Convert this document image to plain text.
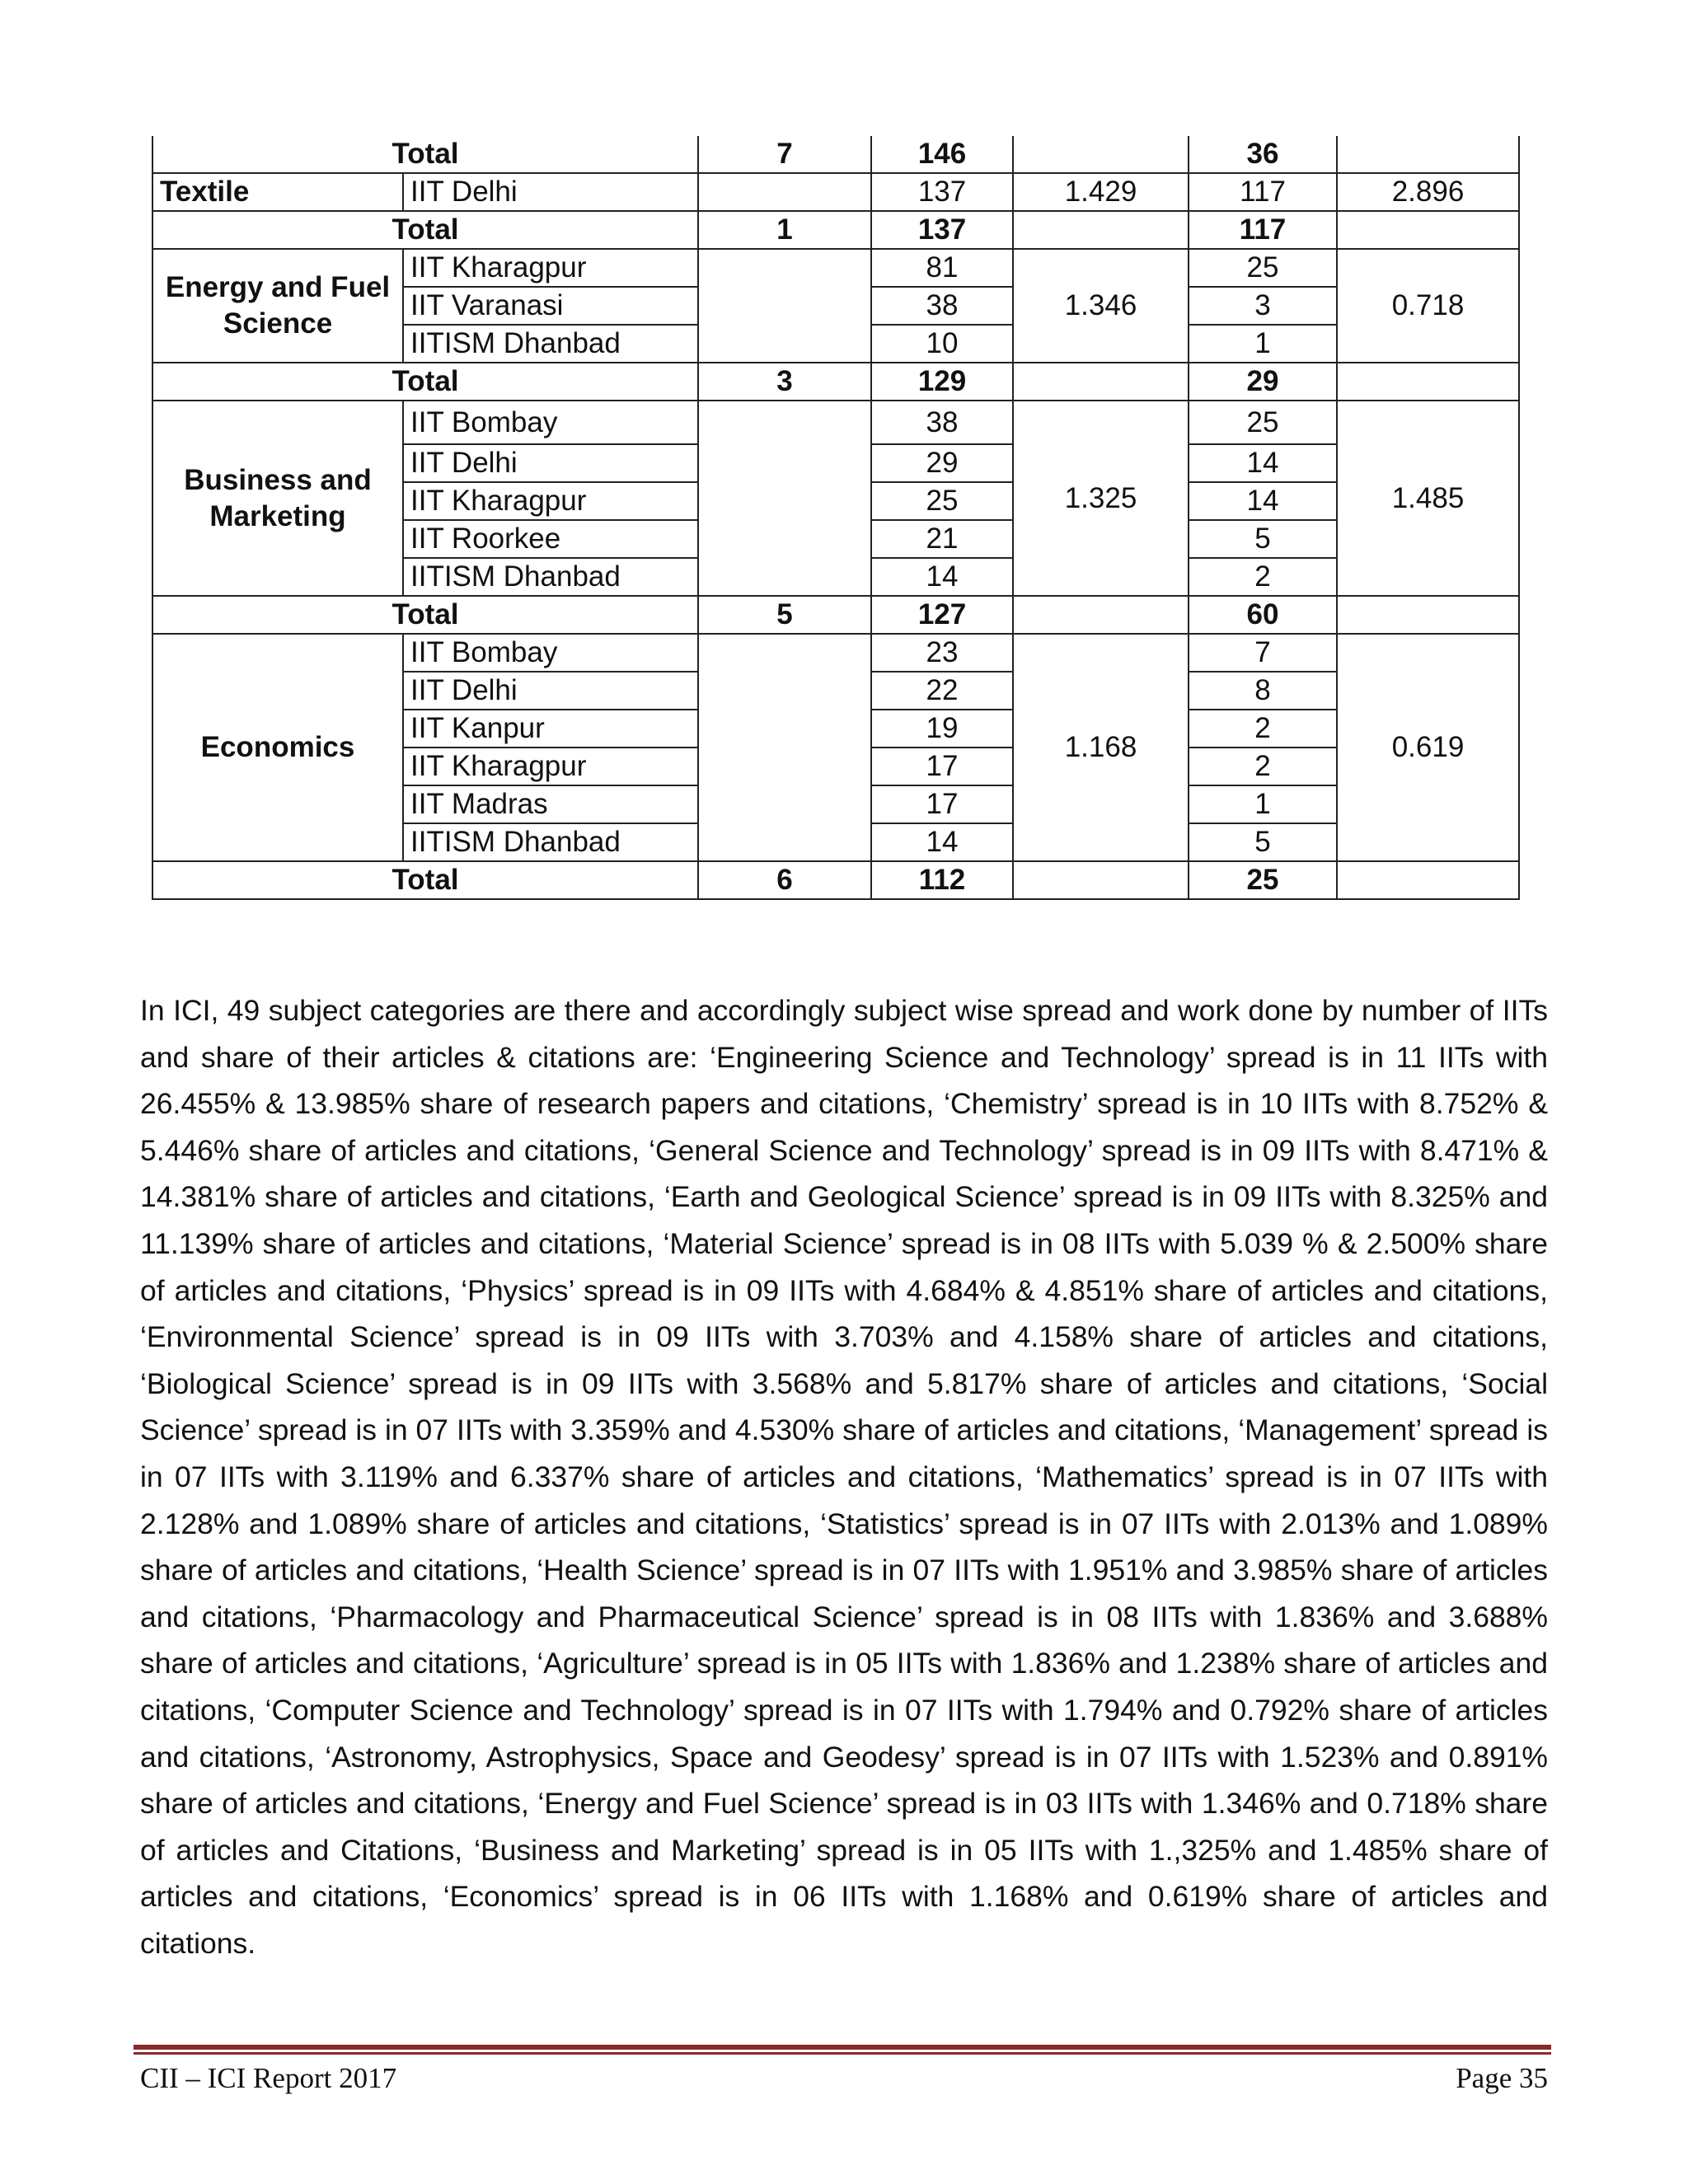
Total		7	146		36	
Textile	IIT Delhi		137	1.429	117	2.896
Total		1	137		117	
Energy and Fuel Science	IIT Kharagpur		81	1.346	25	0.718
	IIT Varanasi		38		3	
	IITISM Dhanbad		10		1	
Total		3	129		29	
Business and Marketing	IIT Bombay		38	1.325	25	1.485
	IIT Delhi		29		14	
	IIT Kharagpur		25		14	
	IIT Roorkee		21		5	
	IITISM Dhanbad		14		2	
Total		5	127		60	
Economics	IIT Bombay		23	1.168	7	0.619
	IIT Delhi		22		8	
	IIT Kanpur		19		2	
	IIT Kharagpur		17		2	
	IIT Madras		17		1	
	IITISM Dhanbad		14		5	
Total		6	112		25	

In ICI, 49 subject categories are there and accordingly subject wise spread and work done by number of IITs and share of their articles & citations are: ‘Engineering Science and Technology’ spread is in 11 IITs with 26.455% & 13.985% share of research papers and citations, ‘Chemistry’ spread is in 10 IITs with 8.752% & 5.446% share of articles and citations, ‘General Science and Technology’ spread is in 09 IITs with 8.471% & 14.381% share of articles and citations, ‘Earth and Geological Science’ spread is in 09 IITs with 8.325% and 11.139% share of articles and citations, ‘Material Science’ spread is in 08 IITs with 5.039 % & 2.500% share of articles and citations, ‘Physics’ spread is in 09 IITs with 4.684% & 4.851% share of articles and citations, ‘Environmental Science’ spread is in 09 IITs with 3.703% and 4.158% share of articles and citations, ‘Biological Science’ spread is in 09 IITs with 3.568% and 5.817% share of articles and citations, ‘Social Science’ spread is in 07 IITs with 3.359% and 4.530% share of articles and citations, ‘Management’ spread is in 07 IITs with 3.119% and 6.337% share of articles and citations, ‘Mathematics’ spread is in 07 IITs with 2.128% and 1.089% share of articles and citations, ‘Statistics’ spread is in 07 IITs with 2.013% and 1.089% share of articles and citations, ‘Health Science’ spread is in 07 IITs with 1.951% and 3.985% share of articles and citations, ‘Pharmacology and Pharmaceutical Science’ spread is in 08 IITs with 1.836% and 3.688% share of articles and citations, ‘Agriculture’ spread is in 05 IITs with 1.836% and 1.238% share of articles and citations, ‘Computer Science and Technology’ spread is in 07 IITs with 1.794% and 0.792% share of articles and citations, ‘Astronomy, Astrophysics, Space and Geodesy’ spread is in 07 IITs with 1.523% and 0.891% share of articles and citations, ‘Energy and Fuel Science’ spread is in 03 IITs with 1.346% and 0.718% share of articles and Citations, ‘Business and Marketing’ spread is in 05 IITs with 1.,325% and 1.485% share of articles and citations, ‘Economics’ spread is in 06 IITs with 1.168% and 0.619% share of articles and citations.

CII – ICI Report 2017	Page 35
